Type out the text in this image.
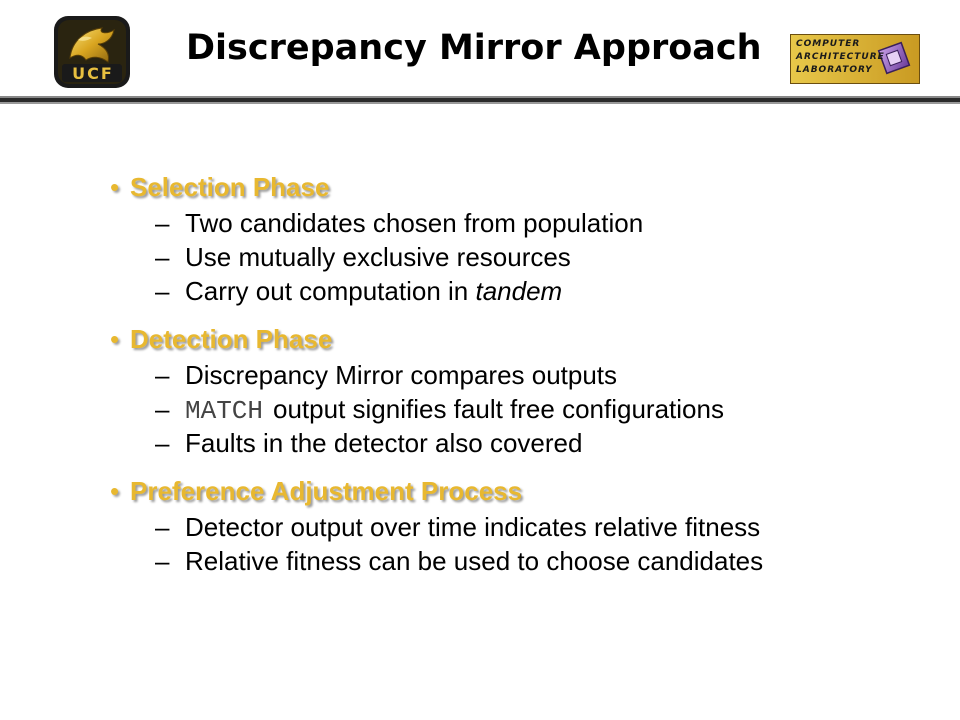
UCF
Discrepancy Mirror Approach	COMPUTER
ARCHITECTURE
LABORATORY
• Selection Phase
– Two candidates chosen from population
– Use mutually exclusive resources
– Carry out computation in tandem
• Detection Phase
– Discrepancy Mirror compares outputs
– MATCH output signifies fault free configurations
– Faults in the detector also covered
• Preference Adjustment Process
– Detector output over time indicates relative fitness
– Relative fitness can be used to choose candidates
